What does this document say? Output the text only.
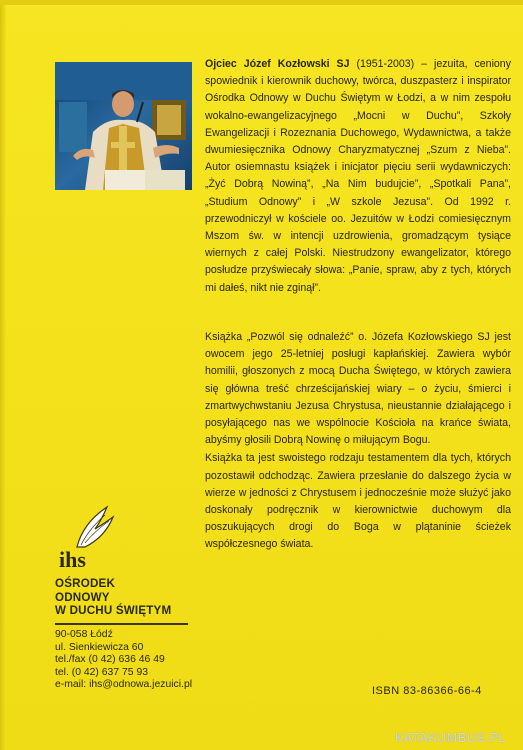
Ojciec Józef Kozłowski SJ (1951-2003) – jezuita, ceniony spowiednik i kierownik duchowy, twórca, duszpasterz i inspirator Ośrodka Odnowy w Duchu Świętym w Łodzi, a w nim zespołu wokalno-ewangelizacyjnego „Mocni w Duchu”, Szkoły Ewangelizacji i Rozeznania Duchowego, Wydawnictwa, a także dwumiesięcznika Odnowy Charyzmatycznej „Szum z Nieba”. Autor osiemnastu książek i inicjator pięciu serii wydawniczych: „Żyć Dobrą Nowiną”, „Na Nim budujcie”, „Spotkali Pana”, „Studium Odnowy” i „W szkole Jezusa”. Od 1992 r. przewodniczył w kościele oo. Jezuitów w Łodzi comiesięcznym Mszom św. w intencji uzdrowienia, gromadzącym tysiące wiernych z całej Polski. Niestrudzony ewangelizator, którego posłudze przyświecały słowa: „Panie, spraw, aby z tych, których mi dałeś, nikt nie zginął”.

Książka „Pozwól się odnaleźć” o. Józefa Kozłowskiego SJ jest owocem jego 25-letniej posługi kapłańskiej. Zawiera wybór homilii, głoszonych z mocą Ducha Świętego, w których zawiera się główna treść chrześcijańskiej wiary – o życiu, śmierci i zmartwychwstaniu Jezusa Chrystusa, nieustannie działającego i posyłającego nas we wspólnocie Kościoła na krańce świata, abyśmy głosili Dobrą Nowinę o miłującym Bogu.

Książka ta jest swoistego rodzaju testamentem dla tych, których pozostawił odchodząc. Zawiera przesłanie do dalszego życia w wierze w jedności z Chrystusem i jednocześnie może służyć jako doskonały podręcznik w kierownictwie duchowym dla poszukujących drogi do Boga w plątaninie ścieżek współczesnego świata.

ihs
OŚRODEK
ODNOWY
W DUCHU ŚWIĘTYM
90-058 Łódź
ul. Sienkiewicza 60
tel./fax (0 42) 636 46 49
tel. (0 42) 637 75 93
e-mail: ihs@odnowa.jezuici.pl
ISBN 83-86366-66-4
KATAKUMBUS.PL
